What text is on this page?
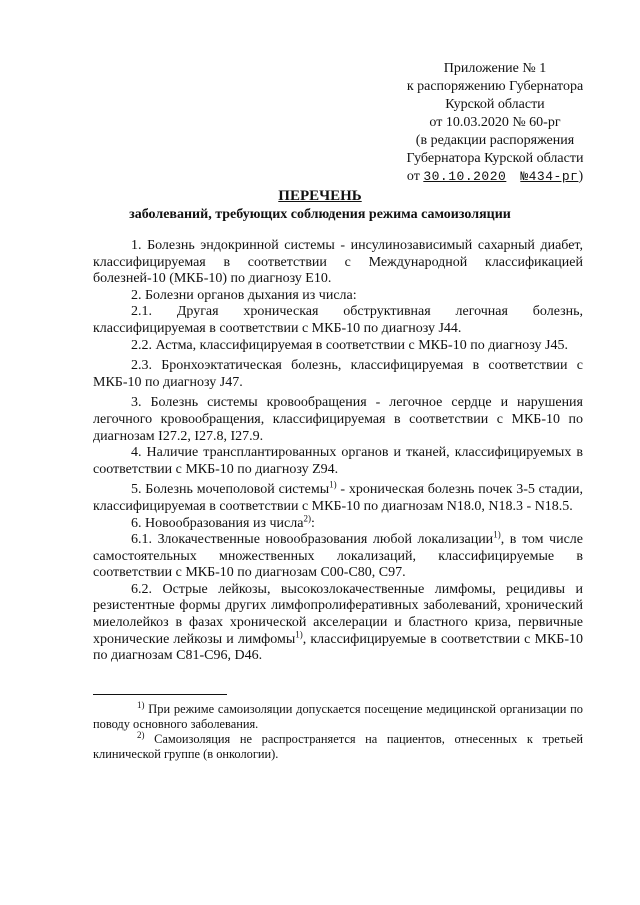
Приложение № 1
к распоряжению Губернатора
Курской области
от 10.03.2020 № 60-рг
(в редакции распоряжения
Губернатора Курской области
от 30.10.2020 №434-рг)
ПЕРЕЧЕНЬ
заболеваний, требующих соблюдения режима самоизоляции

1. Болезнь эндокринной системы - инсулинозависимый сахарный диабет, классифицируемая в соответствии с Международной классификацией болезней-10 (МКБ-10) по диагнозу E10.

2. Болезни органов дыхания из числа:

2.1. Другая хроническая обструктивная легочная болезнь, классифицируемая в соответствии с МКБ-10 по диагнозу J44.

2.2. Астма, классифицируемая в соответствии с МКБ-10 по диагнозу J45.

2.3. Бронхоэктатическая болезнь, классифицируемая в соответствии с МКБ-10 по диагнозу J47.

3. Болезнь системы кровообращения - легочное сердце и нарушения легочного кровообращения, классифицируемая в соответствии с МКБ-10 по диагнозам I27.2, I27.8, I27.9.

4. Наличие трансплантированных органов и тканей, классифицируемых в соответствии с МКБ-10 по диагнозу Z94.

5. Болезнь мочеполовой системы$^{1)}$ - хроническая болезнь почек 3-5 стадии, классифицируемая в соответствии с МКБ-10 по диагнозам N18.0, N18.3 - N18.5.

6. Новообразования из числа$^{2)}$:

6.1. Злокачественные новообразования любой локализации$^{1)}$, в том числе самостоятельных множественных локализаций, классифицируемые в соответствии с МКБ-10 по диагнозам C00-C80, C97.

6.2. Острые лейкозы, высокозлокачественные лимфомы, рецидивы и резистентные формы других лимфопролиферативных заболеваний, хронический миелолейкоз в фазах хронической акселерации и бластного криза, первичные хронические лейкозы и лимфомы$^{1)}$, классифицируемые в соответствии с МКБ-10 по диагнозам C81-C96, D46.

$^{1)}$ При режиме самоизоляции допускается посещение медицинской организации по поводу основного заболевания.

$^{2)}$ Самоизоляция не распространяется на пациентов, отнесенных к третьей клинической группе (в онкологии).
